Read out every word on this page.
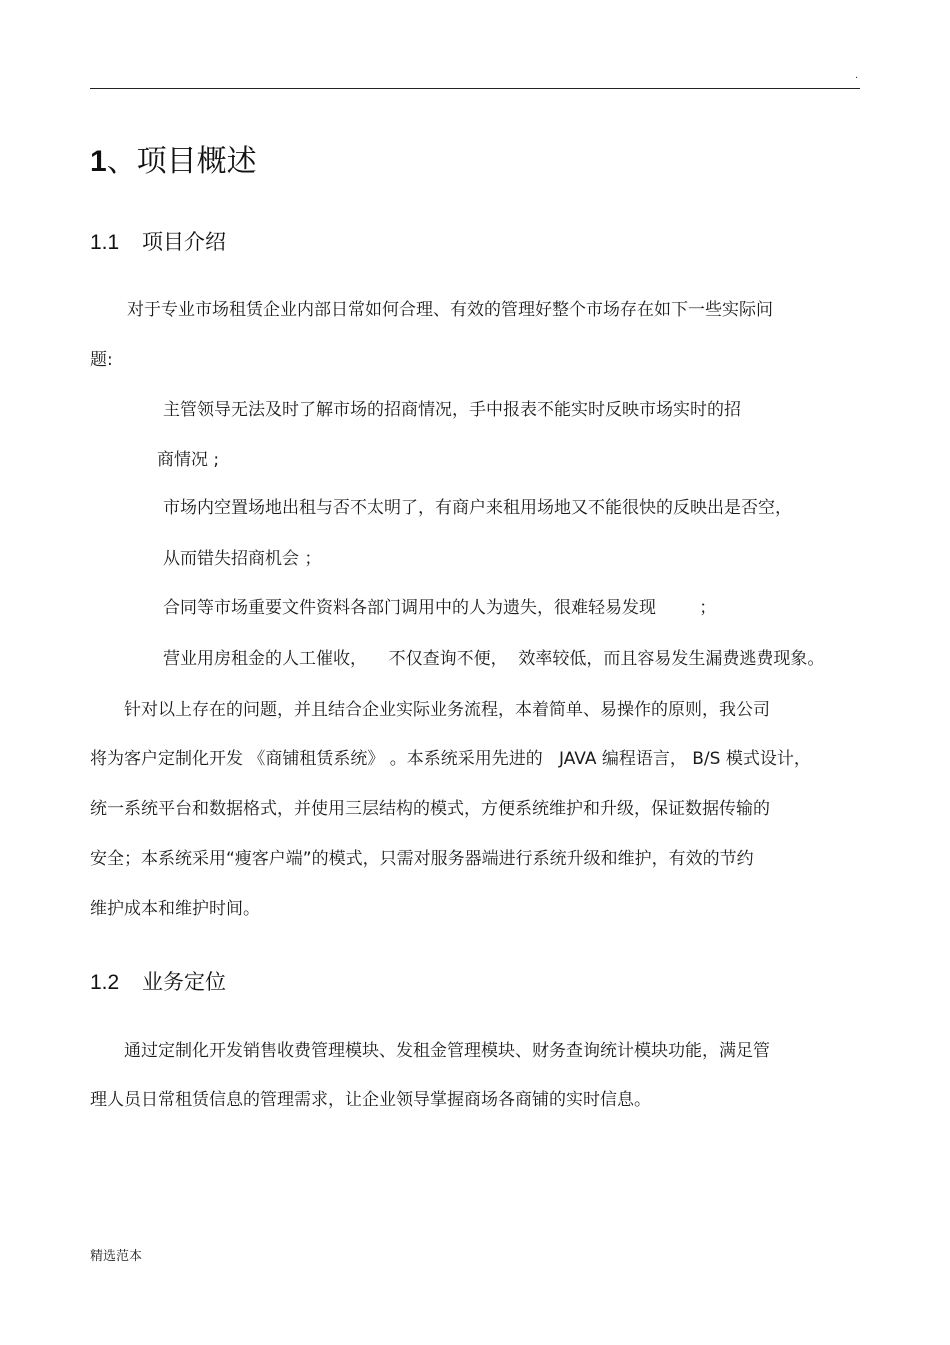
.
1、项目概述
1.1 项目介绍
对于专业市场租赁企业内部日常如何合理、有效的管理好整个市场存在如下一些实际问
题:
主管领导无法及时了解市场的招商情况，手中报表不能实时反映市场实时的招
商情况 ;
市场内空置场地出租与否不太明了，有商户来租用场地又不能很快的反映出是否空，
从而错失招商机会 ；
合同等市场重要文件资料各部门调用中的人为遗失，很难轻易发现        ；
营业用房租金的人工催收，    不仅查询不便，  效率较低，而且容易发生漏费逃费现象。
针对以上存在的问题，并且结合企业实际业务流程，本着简单、易操作的原则，我公司
将为客户定制化开发 《商铺租赁系统》 。本系统采用先进的   JAVA 编程语言， B/S 模式设计，
统一系统平台和数据格式，并使用三层结构的模式，方便系统维护和升级，保证数据传输的
安全；本系统采用“瘦客户端”的模式，只需对服务器端进行系统升级和维护，有效的节约
维护成本和维护时间。
1.2 业务定位
通过定制化开发销售收费管理模块、发租金管理模块、财务查询统计模块功能，满足管
理人员日常租赁信息的管理需求，让企业领导掌握商场各商铺的实时信息。
精选范本
